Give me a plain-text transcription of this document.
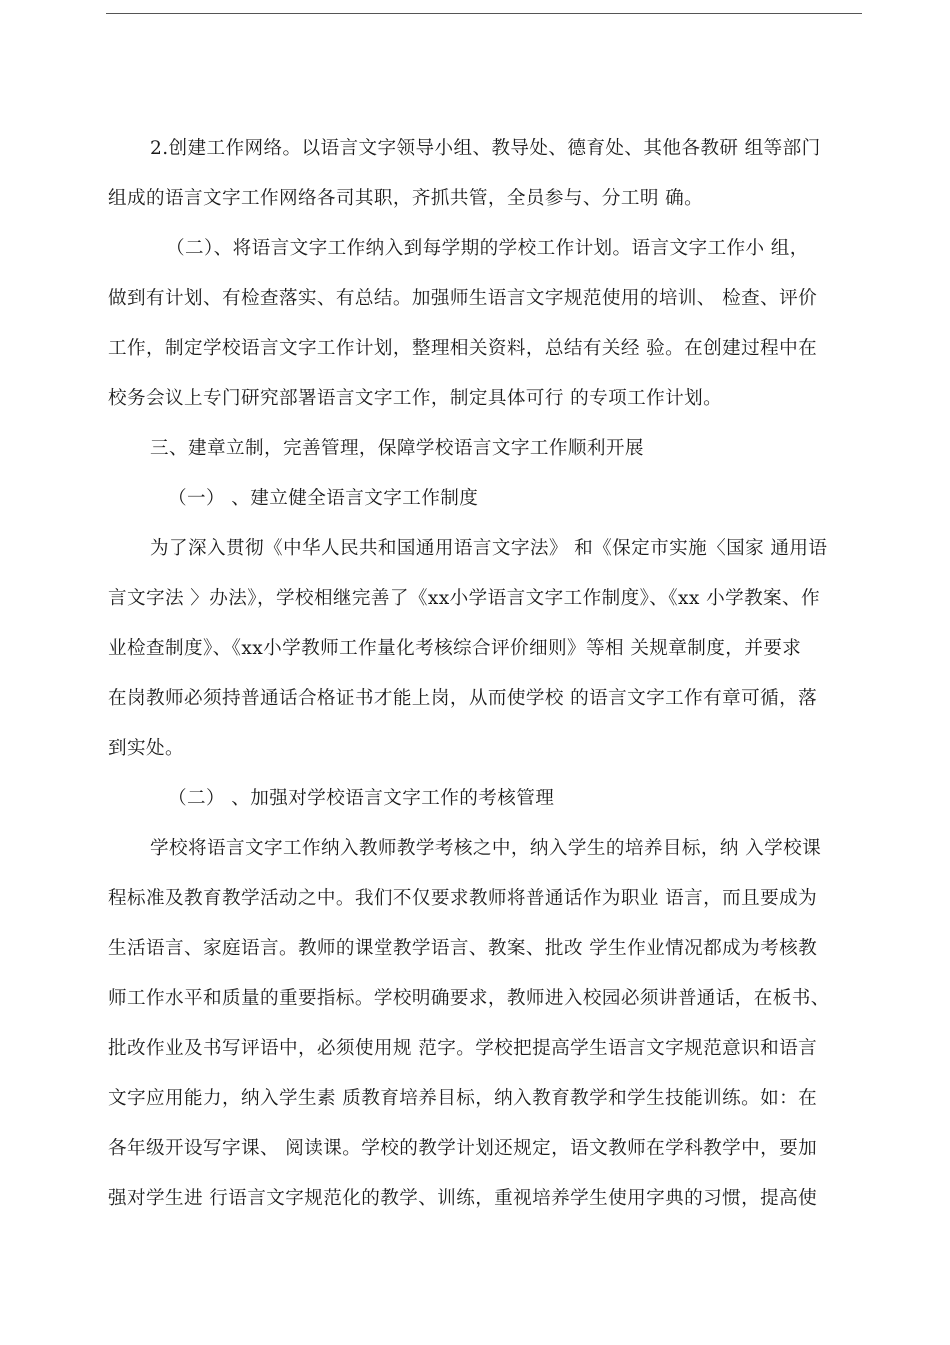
2.创建工作网络。以语言文字领导小组、教导处、德育处、其他各教研 组等部门
组成的语言文字工作网络各司其职，齐抓共管，全员参与、分工明 确。
（二）、将语言文字工作纳入到每学期的学校工作计划。语言文字工作小 组，
做到有计划、有检查落实、有总结。加强师生语言文字规范使用的培训、 检查、评价
工作，制定学校语言文字工作计划，整理相关资料，总结有关经 验。在创建过程中在
校务会议上专门研究部署语言文字工作，制定具体可行 的专项工作计划。
三、建章立制，完善管理，保障学校语言文字工作顺利开展
（一） 、建立健全语言文字工作制度
为了深入贯彻《中华人民共和国通用语言文字法》 和《保定市实施〈国家 通用语
言文字法 〉办法》，学校相继完善了《xx小学语言文字工作制度》、《xx 小学教案、作
业检查制度》、《xx小学教师工作量化考核综合评价细则》等相 关规章制度，并要求
在岗教师必须持普通话合格证书才能上岗，从而使学校 的语言文字工作有章可循，落
到实处。
（二） 、加强对学校语言文字工作的考核管理
学校将语言文字工作纳入教师教学考核之中，纳入学生的培养目标，纳 入学校课
程标准及教育教学活动之中。我们不仅要求教师将普通话作为职业 语言，而且要成为
生活语言、家庭语言。教师的课堂教学语言、教案、批改 学生作业情况都成为考核教
师工作水平和质量的重要指标。学校明确要求，教师进入校园必须讲普通话，在板书、
批改作业及书写评语中，必须使用规 范字。学校把提高学生语言文字规范意识和语言
文字应用能力，纳入学生素 质教育培养目标，纳入教育教学和学生技能训练。如：在
各年级开设写字课、 阅读课。学校的教学计划还规定，语文教师在学科教学中，要加
强对学生进 行语言文字规范化的教学、训练，重视培养学生使用字典的习惯，提高使
